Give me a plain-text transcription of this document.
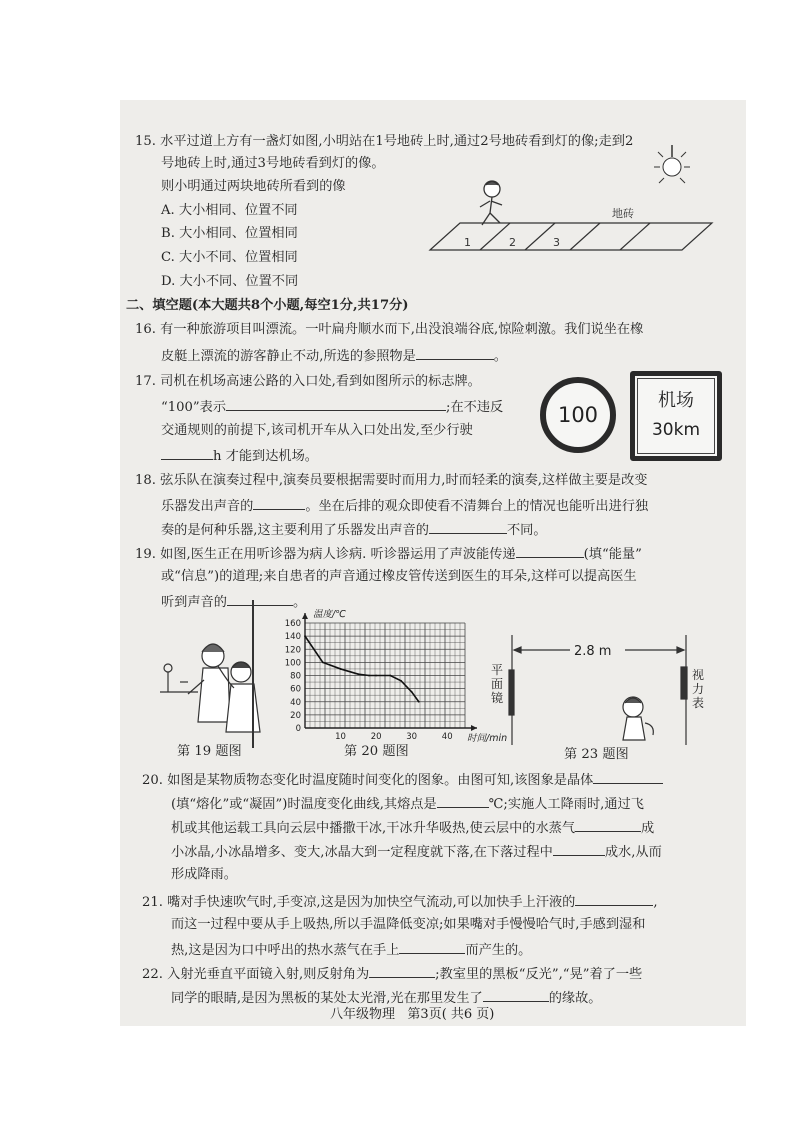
15. 水平过道上方有一盏灯如图,小明站在1号地砖上时,通过2号地砖看到灯的像;走到2
号地砖上时,通过3号地砖看到灯的像。
则小明通过两块地砖所看到的像
A. 大小相同、位置不同
B. 大小相同、位置相同
C. 大小不同、位置相同
D. 大小不同、位置不同
地砖
1	2	3
二、填空题(本大题共8个小题,每空1分,共17分)
16. 有一种旅游项目叫漂流。一叶扁舟顺水而下,出没浪端谷底,惊险刺激。我们说坐在橡
皮艇上漂流的游客静止不动,所选的参照物是	。
17. 司机在机场高速公路的入口处,看到如图所示的标志牌。
“100”表示	;在不违反
交通规则的前提下,该司机开车从入口处出发,至少行驶
h 才能到达机场。
100
机场
30km
18. 弦乐队在演奏过程中,演奏员要根据需要时而用力,时而轻柔的演奏,这样做主要是改变
乐器发出声音的	。坐在后排的观众即使看不清舞台上的情况也能听出进行独
奏的是何种乐器,这主要利用了乐器发出声音的	不同。
19. 如图,医生正在用听诊器为病人诊病. 听诊器运用了声波能传递	(填“能量”
或“信息”)的道理;来自患者的声音通过橡皮管传送到医生的耳朵,这样可以提高医生
听到声音的	。
第 19 题图
0
20
40
60
80
100
120
140
160
10	20	30	40
温度/℃
时间/min
第 20 题图
2.8 m
平面镜
视力表
第 23 题图
20. 如图是某物质物态变化时温度随时间变化的图象。由图可知,该图象是晶体
(填“熔化”或“凝固”)时温度变化曲线,其熔点是	℃;实施人工降雨时,通过飞
机或其他运载工具向云层中播撒干冰,干冰升华吸热,使云层中的水蒸气	成
小冰晶,小冰晶增多、变大,冰晶大到一定程度就下落,在下落过程中	成水,从而
形成降雨。
21. 嘴对手快速吹气时,手变凉,这是因为加快空气流动,可以加快手上汗液的	,
而这一过程中要从手上吸热,所以手温降低变凉;如果嘴对手慢慢哈气时,手感到湿和
热,这是因为口中呼出的热水蒸气在手上	而产生的。
22. 入射光垂直平面镜入射,则反射角为	;教室里的黑板“反光”,“晃”着了一些
同学的眼睛,是因为黑板的某处太光滑,光在那里发生了	的缘故。
八年级物理 第3页( 共6 页)
